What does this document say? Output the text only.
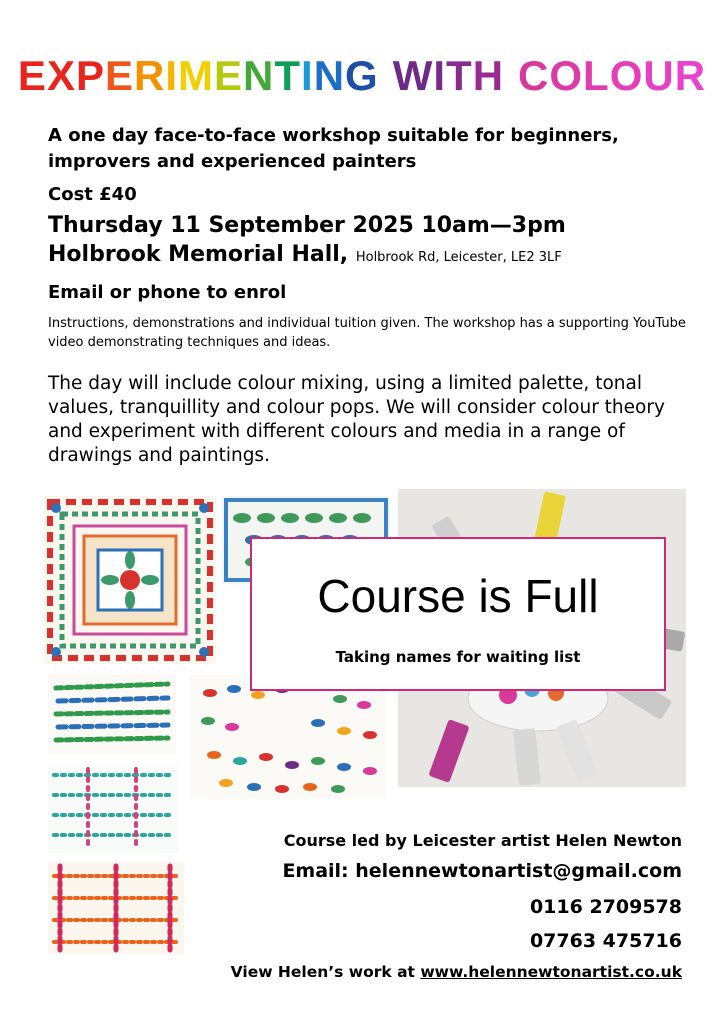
EXPERIMENTING WITH COLOUR
A one day face-to-face workshop suitable for beginners, improvers and experienced painters
Cost £40
Thursday 11 September 2025 10am—3pm
Holbrook Memorial Hall, Holbrook Rd, Leicester, LE2 3LF
Email or phone to enrol
Instructions, demonstrations and individual tuition given. The workshop has a supporting YouTube video demonstrating techniques and ideas.
The day will include colour mixing, using a limited palette, tonal values, tranquillity and colour pops. We will consider colour theory and experiment with different colours and media in a range of drawings and paintings.
Course is Full
Taking names for waiting list
Course led by Leicester artist Helen Newton
Email: helennewtonartist@gmail.com
0116 2709578
07763 475716
View Helen’s work at www.helennewtonartist.co.uk
